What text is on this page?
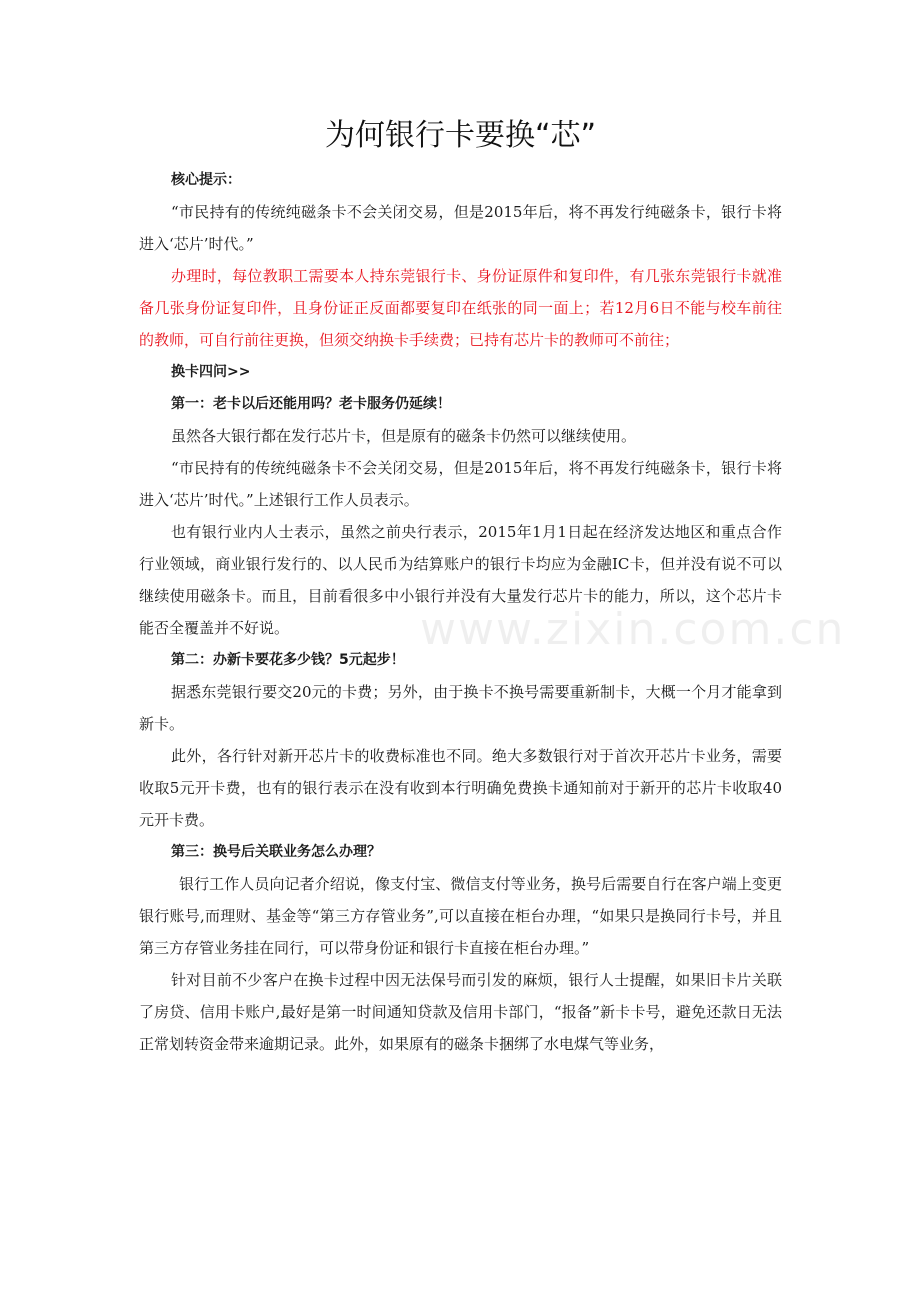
为何银行卡要换“芯”

核心提示：

“市民持有的传统纯磁条卡不会关闭交易，但是2015年后，将不再发行纯磁条卡，银行卡将进入‘芯片’时代。”

办理时，每位教职工需要本人持东莞银行卡、身份证原件和复印件，有几张东莞银行卡就准备几张身份证复印件，且身份证正反面都要复印在纸张的同一面上；若12月6日不能与校车前往的教师，可自行前往更换，但须交纳换卡手续费；已持有芯片卡的教师可不前往；

换卡四问>>

第一：老卡以后还能用吗？老卡服务仍延续！

虽然各大银行都在发行芯片卡，但是原有的磁条卡仍然可以继续使用。

“市民持有的传统纯磁条卡不会关闭交易，但是2015年后，将不再发行纯磁条卡，银行卡将进入‘芯片’时代。”上述银行工作人员表示。

也有银行业内人士表示，虽然之前央行表示，2015年1月1日起在经济发达地区和重点合作行业领域，商业银行发行的、以人民币为结算账户的银行卡均应为金融IC卡，但并没有说不可以继续使用磁条卡。而且，目前看很多中小银行并没有大量发行芯片卡的能力，所以，这个芯片卡能否全覆盖并不好说。

第二：办新卡要花多少钱？5元起步！

据悉东莞银行要交20元的卡费；另外，由于换卡不换号需要重新制卡，大概一个月才能拿到新卡。

此外，各行针对新开芯片卡的收费标准也不同。绝大多数银行对于首次开芯片卡业务，需要收取5元开卡费，也有的银行表示在没有收到本行明确免费换卡通知前对于新开的芯片卡收取40元开卡费。

第三：换号后关联业务怎么办理？

银行工作人员向记者介绍说，像支付宝、微信支付等业务，换号后需要自行在客户端上变更银行账号,而理财、基金等“第三方存管业务”,可以直接在柜台办理，“如果只是换同行卡号，并且第三方存管业务挂在同行，可以带身份证和银行卡直接在柜台办理。”

针对目前不少客户在换卡过程中因无法保号而引发的麻烦，银行人士提醒，如果旧卡片关联了房贷、信用卡账户,最好是第一时间通知贷款及信用卡部门，“报备”新卡卡号，避免还款日无法正常划转资金带来逾期记录。此外，如果原有的磁条卡捆绑了水电煤气等业务，

www.zixin.com.cn
